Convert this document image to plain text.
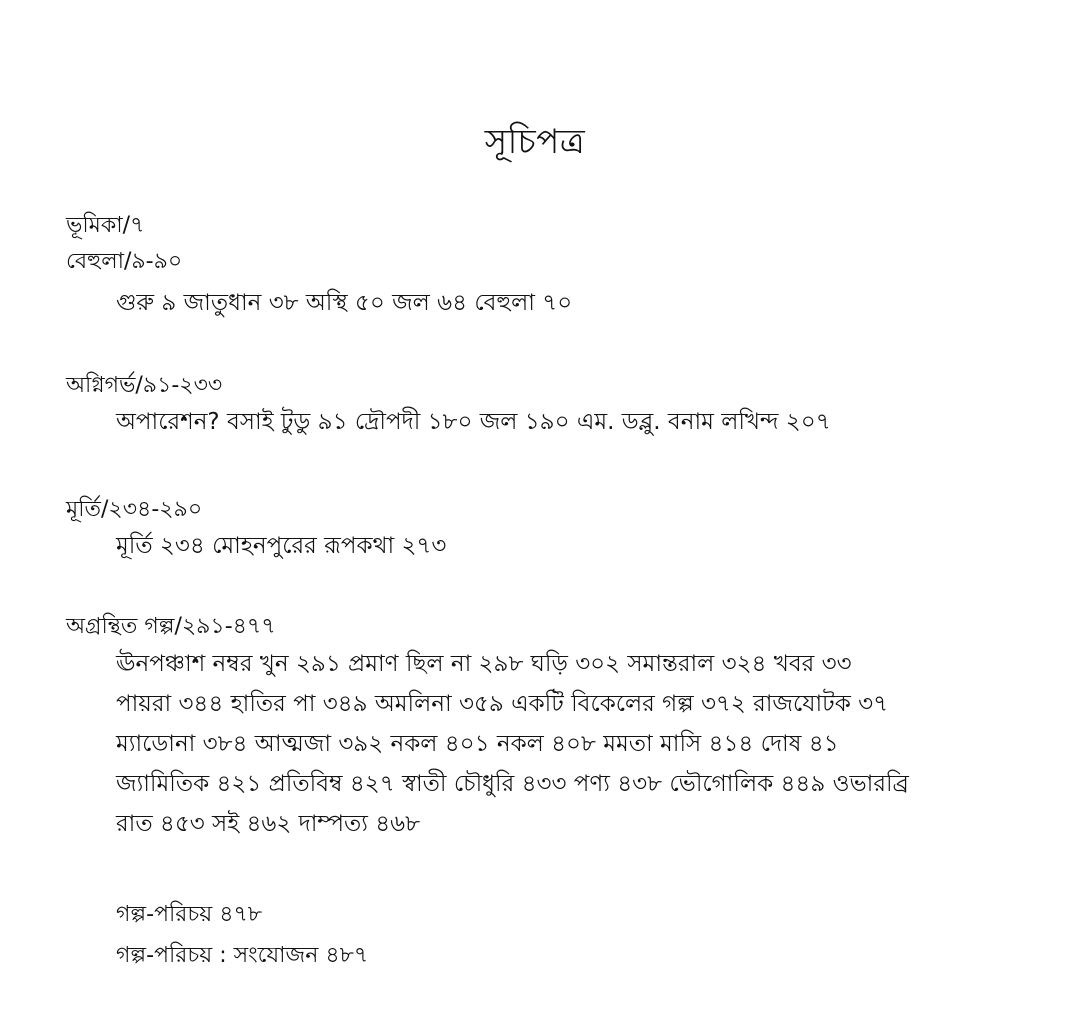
সূচিপত্র
ভূমিকা/৭
বেহুলা/৯-৯০
গুরু ৯ জাতুধান ৩৮ অস্থি ৫০ জল ৬৪ বেহুলা ৭০
অগ্নিগর্ভ/৯১-২৩৩
অপারেশন? বসাই টুডু ৯১ দ্রৌপদী ১৮০ জল ১৯০ এম. ডব্লু. বনাম লখিন্দ ২০৭
মূর্তি/২৩৪-২৯০
মূর্তি ২৩৪ মোহনপুরের রূপকথা ২৭৩
অগ্রন্থিত গল্প/২৯১-৪৭৭
ঊনপঞ্চাশ নম্বর খুন ২৯১ প্রমাণ ছিল না ২৯৮ ঘড়ি ৩০২ সমান্তরাল ৩২৪ খবর ৩৩
পায়রা ৩৪৪ হাতির পা ৩৪৯ অমলিনা ৩৫৯ একটি বিকেলের গল্প ৩৭২ রাজযোটক ৩৭
ম্যাডোনা ৩৮৪ আত্মজা ৩৯২ নকল ৪০১ নকল ৪০৮ মমতা মাসি ৪১৪ দোষ ৪১
জ্যামিতিক ৪২১ প্রতিবিম্ব ৪২৭ স্বাতী চৌধুরি ৪৩৩ পণ্য ৪৩৮ ভৌগোলিক ৪৪৯ ওভারব্রি
রাত ৪৫৩ সই ৪৬২ দাম্পত্য ৪৬৮
গল্প-পরিচয় ৪৭৮
গল্প-পরিচয় : সংযোজন ৪৮৭
